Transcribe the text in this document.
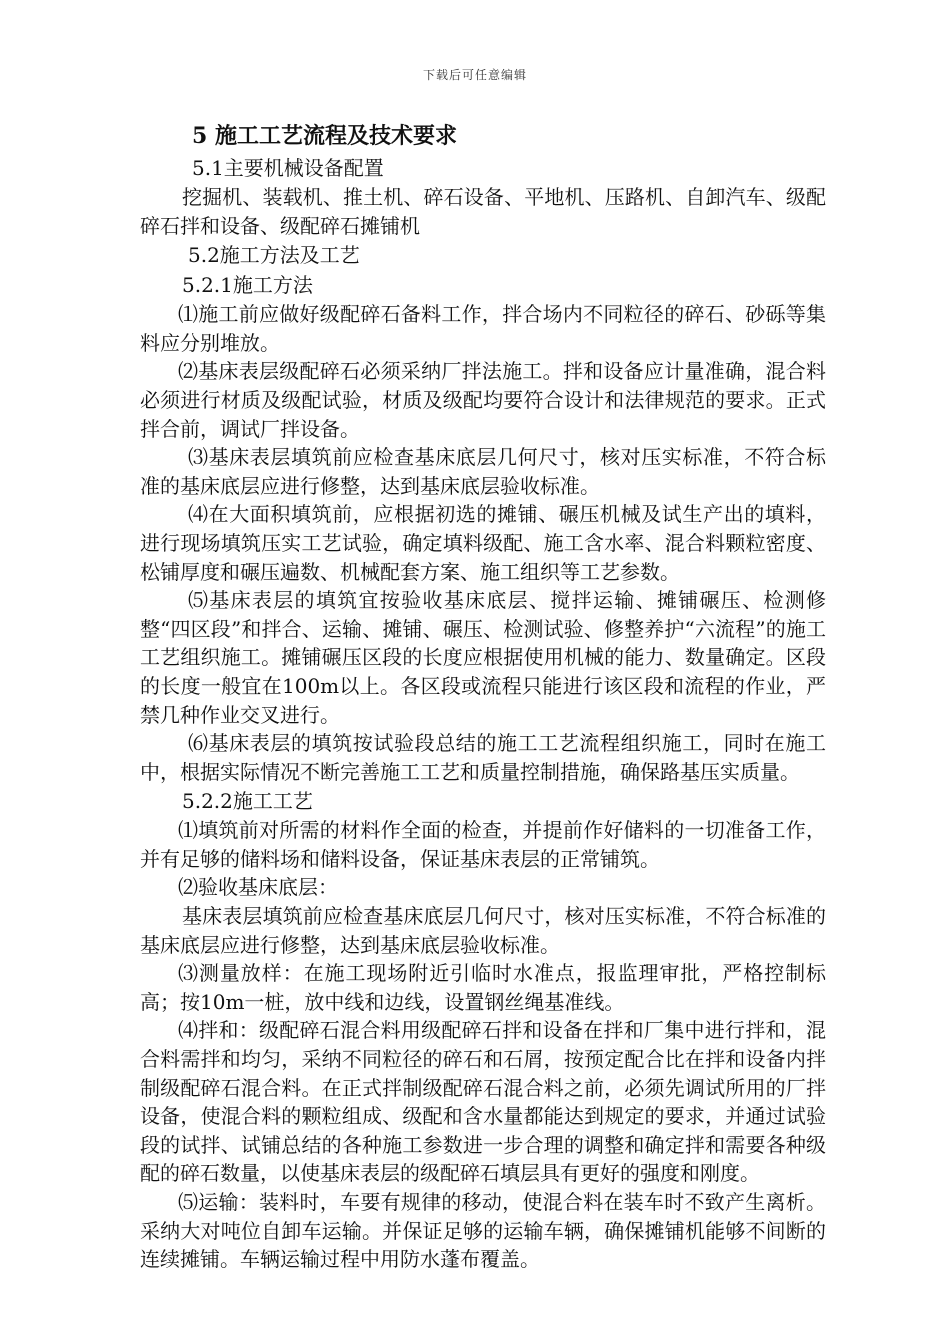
下载后可任意编辑

5 施工工艺流程及技术要求

5.1主要机械设备配置

挖掘机、装载机、推土机、碎石设备、平地机、压路机、自卸汽车、级配碎石拌和设备、级配碎石摊铺机

5.2施工方法及工艺

5.2.1施工方法

⑴施工前应做好级配碎石备料工作，拌合场内不同粒径的碎石、砂砾等集料应分别堆放。

⑵基床表层级配碎石必须采纳厂拌法施工。拌和设备应计量准确，混合料必须进行材质及级配试验，材质及级配均要符合设计和法律规范的要求。正式拌合前，调试厂拌设备。

⑶基床表层填筑前应检查基床底层几何尺寸，核对压实标准，不符合标准的基床底层应进行修整，达到基床底层验收标准。

⑷在大面积填筑前，应根据初选的摊铺、碾压机械及试生产出的填料，进行现场填筑压实工艺试验，确定填料级配、施工含水率、混合料颗粒密度、松铺厚度和碾压遍数、机械配套方案、施工组织等工艺参数。

⑸基床表层的填筑宜按验收基床底层、搅拌运输、摊铺碾压、检测修整“四区段”和拌合、运输、摊铺、碾压、检测试验、修整养护“六流程”的施工工艺组织施工。摊铺碾压区段的长度应根据使用机械的能力、数量确定。区段的长度一般宜在100m以上。各区段或流程只能进行该区段和流程的作业，严禁几种作业交叉进行。

⑹基床表层的填筑按试验段总结的施工工艺流程组织施工，同时在施工中，根据实际情况不断完善施工工艺和质量控制措施，确保路基压实质量。

5.2.2施工工艺

⑴填筑前对所需的材料作全面的检查，并提前作好储料的一切准备工作，并有足够的储料场和储料设备，保证基床表层的正常铺筑。

⑵验收基床底层：

基床表层填筑前应检查基床底层几何尺寸，核对压实标准，不符合标准的基床底层应进行修整，达到基床底层验收标准。

⑶测量放样：在施工现场附近引临时水准点，报监理审批，严格控制标高；按10m一桩，放中线和边线，设置钢丝绳基准线。

⑷拌和：级配碎石混合料用级配碎石拌和设备在拌和厂集中进行拌和，混合料需拌和均匀，采纳不同粒径的碎石和石屑，按预定配合比在拌和设备内拌制级配碎石混合料。在正式拌制级配碎石混合料之前，必须先调试所用的厂拌设备，使混合料的颗粒组成、级配和含水量都能达到规定的要求，并通过试验段的试拌、试铺总结的各种施工参数进一步合理的调整和确定拌和需要各种级配的碎石数量，以使基床表层的级配碎石填层具有更好的强度和刚度。

⑸运输：装料时，车要有规律的移动，使混合料在装车时不致产生离析。采纳大对吨位自卸车运输。并保证足够的运输车辆，确保摊铺机能够不间断的连续摊铺。车辆运输过程中用防水蓬布覆盖。
